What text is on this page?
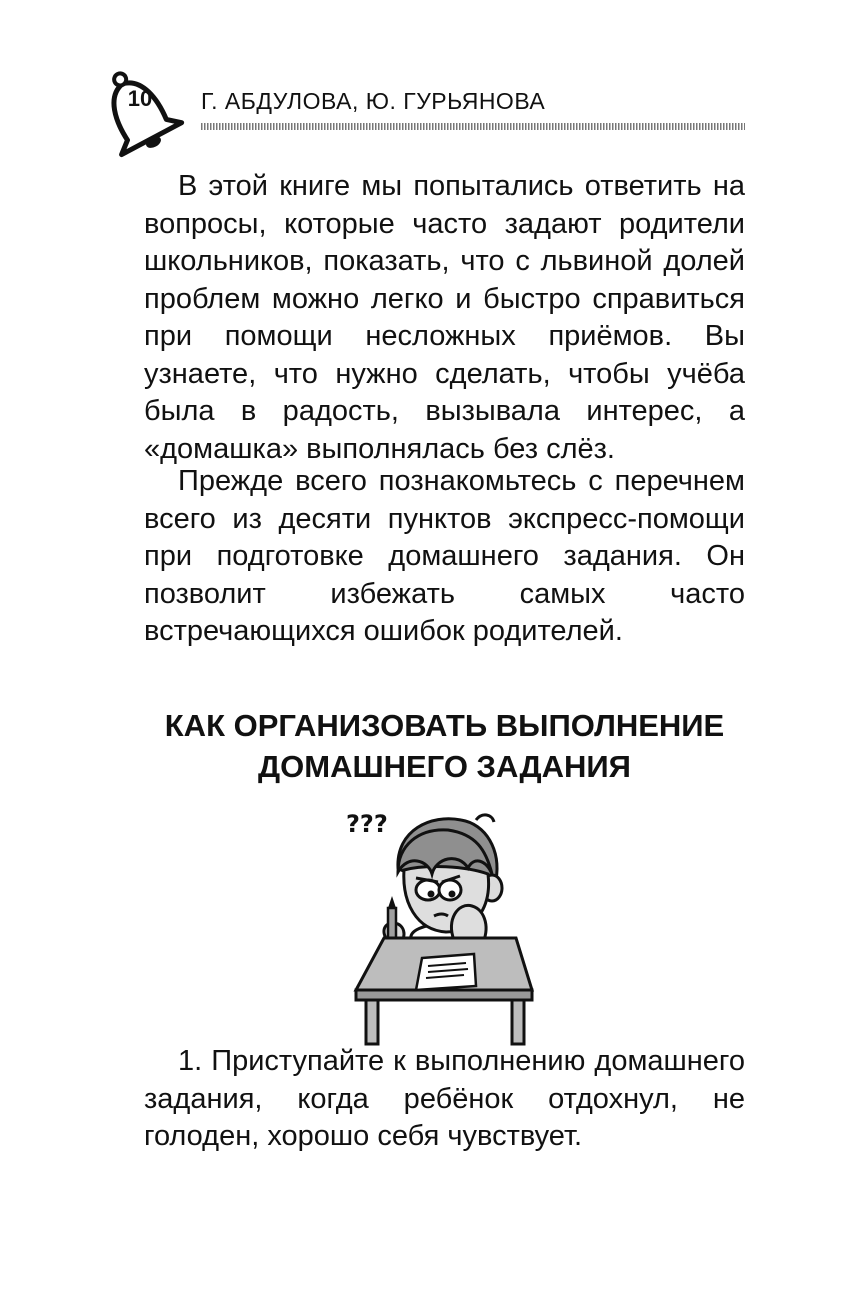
10 Г. АБДУЛОВА, Ю. ГУРЬЯНОВА

В этой книге мы попытались ответить на вопросы, которые часто задают родители школьников, показать, что с львиной долей проблем можно легко и быстро справиться при помощи несложных приёмов. Вы узнаете, что нужно сделать, чтобы учёба была в радость, вызывала интерес, а «домашка» выполнялась без слёз.

Прежде всего познакомьтесь с перечнем всего из десяти пунктов экспресс-помощи при подготовке домашнего задания. Он позволит избежать самых часто встречающихся ошибок родителей.

КАК ОРГАНИЗОВАТЬ ВЫПОЛНЕНИЕ
ДОМАШНЕГО ЗАДАНИЯ
???

1. Приступайте к выполнению домашнего задания, когда ребёнок отдохнул, не голоден, хорошо себя чувствует.
